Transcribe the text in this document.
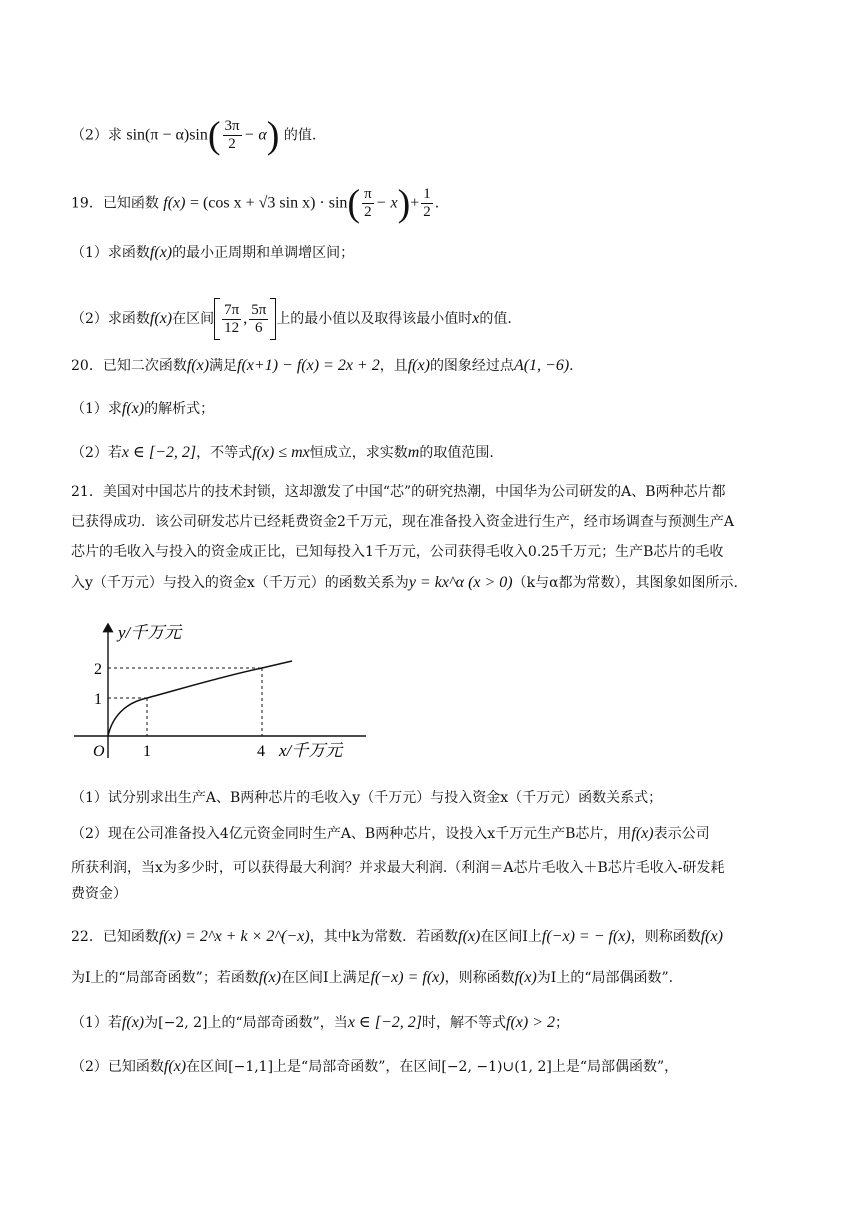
（2）求 $\sin(\pi - \alpha)\sin( \frac{3\pi}{2} - \alpha)$ 的值.
19．已知函数 f(x) = (cos x + √3 $\sin x) \cdot \sin( \frac{\pi}{2} - x)+ \frac{1}{2}$ .
（1）求函数f(x)的最小正周期和单调增区间；
（2）求函数f(x)在区间 $\frac{7\pi}{12}$ , $\frac{5\pi}{6}$ 上的最小值以及取得该最小值时x的值.
20．已知二次函数f(x)满足f(x+1) − f(x) = 2x + 2，且f(x)的图象经过点A(1, −6).
（1）求f(x)的解析式；
（2）若x ∈ [−2, 2]，不等式f(x) ≤ mx恒成立，求实数m的取值范围.
21．美国对中国芯片的技术封锁，这却激发了中国“芯”的研究热潮，中国华为公司研发的A、B两种芯片都
已获得成功．该公司研发芯片已经耗费资金2千万元，现在准备投入资金进行生产，经市场调查与预测生产A
芯片的毛收入与投入的资金成正比，已知每投入1千万元，公司获得毛收入0.25千万元；生产B芯片的毛收
入y（千万元）与投入的资金x（千万元）的函数关系为y = kx^α (x > 0)（k与α都为常数），其图象如图所示.
y/千万元
x/千万元
O
2
1
1	4
（1）试分别求出生产A、B两种芯片的毛收入y（千万元）与投入资金x（千万元）函数关系式；
（2）现在公司准备投入4亿元资金同时生产A、B两种芯片，设投入x千万元生产B芯片，用f(x)表示公司
所获利润，当x为多少时，可以获得最大利润？并求最大利润.（利润＝A芯片毛收入＋B芯片毛收入-研发耗
费资金）
22．已知函数f(x) = 2^x + k × 2^(−x)，其中k为常数．若函数f(x)在区间I上f(−x) = − f(x)，则称函数f(x)
为I上的“局部奇函数”；若函数f(x)在区间I上满足f(−x) = f(x)，则称函数f(x)为I上的“局部偶函数”.
（1）若f(x)为[−2, 2]上的“局部奇函数”，当x ∈ [−2, 2]时，解不等式f(x) > 2；
（2）已知函数f(x)在区间[−1,1]上是“局部奇函数”，在区间[−2, −1)∪(1, 2]上是“局部偶函数”，
